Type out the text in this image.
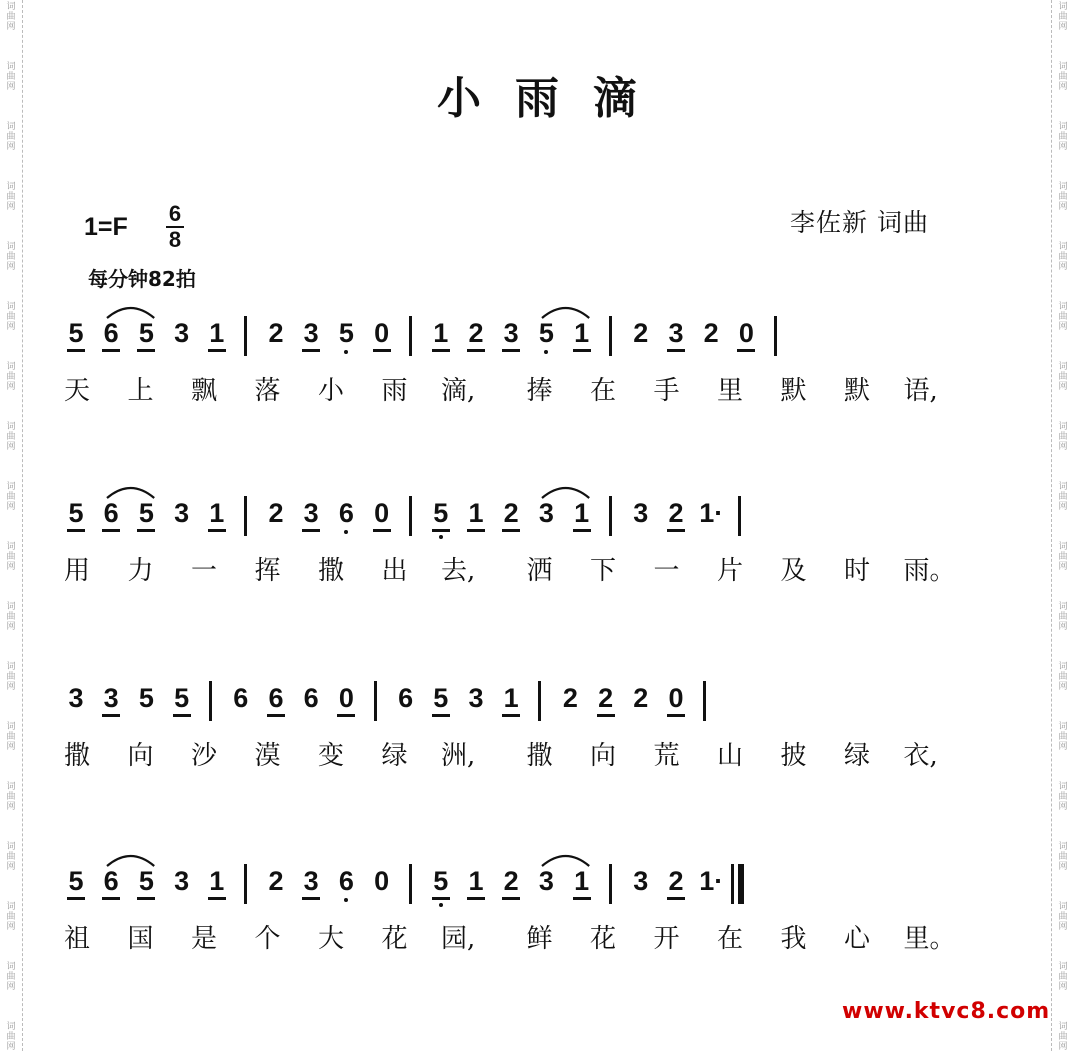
词
曲
网
词
曲
网
词
曲
网
词
曲
网
词
曲
网
词
曲
网
词
曲
网
词
曲
网
词
曲
网
词
曲
网
词
曲
网
词
曲
网
词
曲
网
词
曲
网
词
曲
网
词
曲
网
词
曲
网
词
曲
网
词
曲
网
词
曲
网
词
曲
网
词
曲
网
词
曲
网
词
曲
网
词
曲
网
词
曲
网
词
曲
网
词
曲
网
词
曲
网
词
曲
网
词
曲
网
词
曲
网
词
曲
网
词
曲
网
词
曲
网
词
曲
网
小雨滴
1=F 6
8
每分钟82拍
李佐新 词曲
5 6 5 3 1 2 3 5 0 1 2 3 5 1 2 3 2 0
天 上 飘 落 小 雨 滴, 捧 在 手 里 默 默 语,
5 6 5 3 1 2 3 6 0 5 1 2 3 1 3 2 1·
用 力 一 挥 撒 出 去, 洒 下 一 片 及 时 雨。
3 3 5 5 6 6 6 0 6 5 3 1 2 2 2 0
撒 向 沙 漠 变 绿 洲, 撒 向 荒 山 披 绿 衣,
5 6 5 3 1 2 3 6 0 5 1 2 3 1 3 2 1·
祖 国 是 个 大 花 园, 鲜 花 开 在 我 心 里。
www.ktvc8.com
